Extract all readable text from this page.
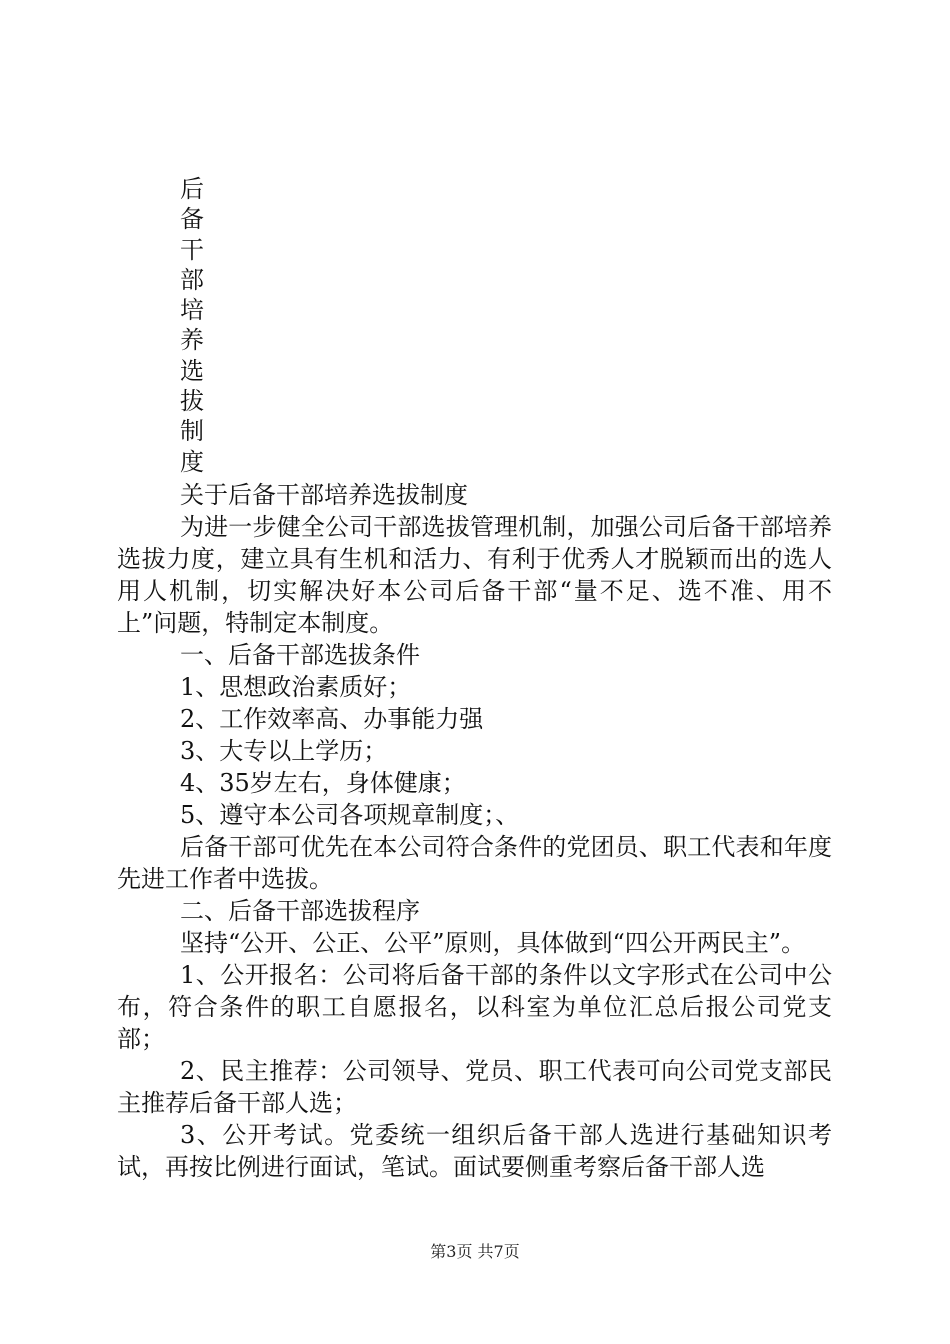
后
备
干
部
培
养
选
拔
制
度

关于后备干部培养选拔制度

为进一步健全公司干部选拔管理机制，加强公司后备干部培养选拔力度，建立具有生机和活力、有利于优秀人才脱颖而出的选人用人机制，切实解决好本公司后备干部“量不足、选不准、用不上”问题，特制定本制度。

一、后备干部选拔条件

1、思想政治素质好；

2、工作效率高、办事能力强

3、大专以上学历；

4、35岁左右，身体健康；

5、遵守本公司各项规章制度；、

后备干部可优先在本公司符合条件的党团员、职工代表和年度先进工作者中选拔。

二、后备干部选拔程序

坚持“公开、公正、公平”原则，具体做到“四公开两民主”。

1、公开报名：公司将后备干部的条件以文字形式在公司中公布，符合条件的职工自愿报名，以科室为单位汇总后报公司党支部；

2、民主推荐：公司领导、党员、职工代表可向公司党支部民主推荐后备干部人选；

3、公开考试。党委统一组织后备干部人选进行基础知识考试，再按比例进行面试，笔试。面试要侧重考察后备干部人选

第3页 共7页
